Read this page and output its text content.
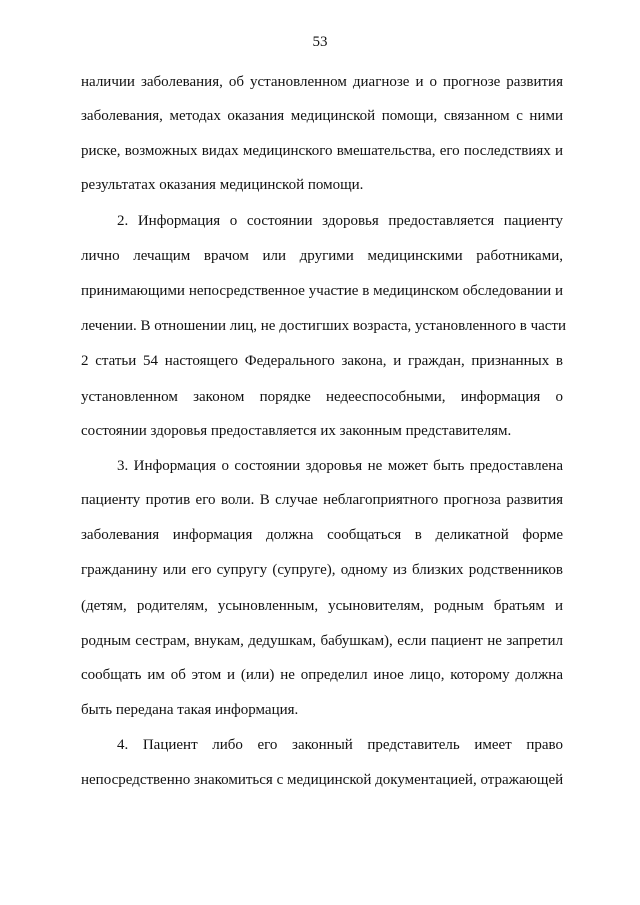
53
наличии заболевания, об установленном диагнозе и о прогнозе развития
заболевания, методах оказания медицинской помощи, связанном с ними
риске, возможных видах медицинского вмешательства, его последствиях и
результатах оказания медицинской помощи.
2. Информация о состоянии здоровья предоставляется пациенту
лично лечащим врачом или другими медицинскими работниками,
принимающими непосредственное участие в медицинском обследовании и
лечении. В отношении лиц, не достигших возраста, установленного в части
2 статьи 54 настоящего Федерального закона, и граждан, признанных в
установленном законом порядке недееспособными, информация о
состоянии здоровья предоставляется их законным представителям.
3. Информация о состоянии здоровья не может быть предоставлена
пациенту против его воли. В случае неблагоприятного прогноза развития
заболевания информация должна сообщаться в деликатной форме
гражданину или его супругу (супруге), одному из близких родственников
(детям, родителям, усыновленным, усыновителям, родным братьям и
родным сестрам, внукам, дедушкам, бабушкам), если пациент не запретил
сообщать им об этом и (или) не определил иное лицо, которому должна
быть передана такая информация.
4. Пациент либо его законный представитель имеет право
непосредственно знакомиться с медицинской документацией, отражающей
